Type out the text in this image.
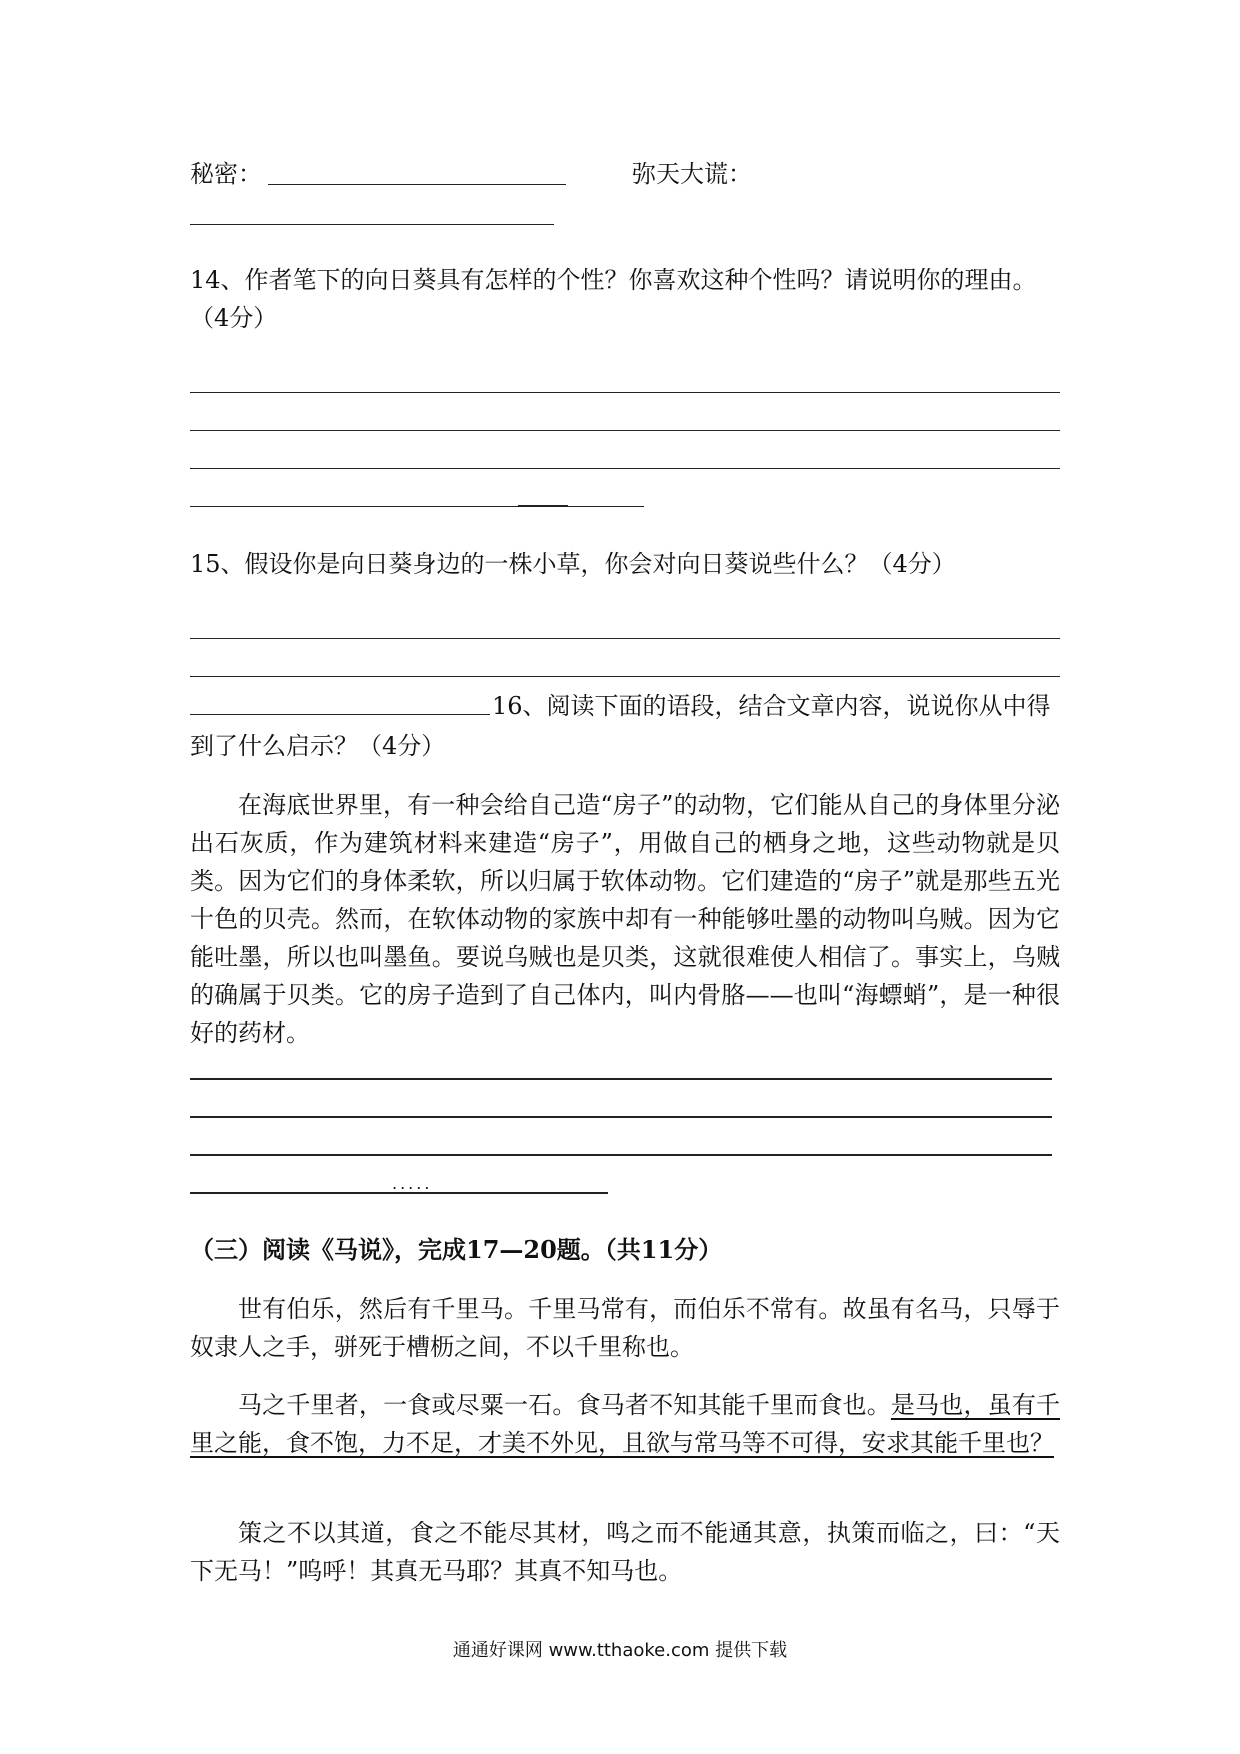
秘密：	弥天大谎：
14、作者笔下的向日葵具有怎样的个性？你喜欢这种个性吗？请说明你的理由。
（4分）
15、假设你是向日葵身边的一株小草，你会对向日葵说些什么？（4分）
16、阅读下面的语段，结合文章内容，说说你从中得
到了什么启示？（4分）
在海底世界里，有一种会给自己造“房子”的动物，它们能从自己的身体里分泌出石灰质，作为建筑材料来建造“房子”，用做自己的栖身之地，这些动物就是贝类。因为它们的身体柔软，所以归属于软体动物。它们建造的“房子”就是那些五光十色的贝壳。然而，在软体动物的家族中却有一种能够吐墨的动物叫乌贼。因为它能吐墨，所以也叫墨鱼。要说乌贼也是贝类，这就很难使人相信了。事实上，乌贼的确属于贝类。它的房子造到了自己体内，叫内骨胳——也叫“海螵蛸”，是一种很好的药材。
.....
（三）阅读《马说》，完成17—20题。（共11分）
世有伯乐，然后有千里马。千里马常有，而伯乐不常有。故虽有名马，只辱于奴隶人之手，骈死于槽枥之间，不以千里称也。
马之千里者，一食或尽粟一石。食马者不知其能千里而食也。是马也，虽有千里之能，食不饱，力不足，才美不外见，且欲与常马等不可得，安求其能千里也？
策之不以其道，食之不能尽其材，鸣之而不能通其意，执策而临之，曰：“天下无马！”呜呼！其真无马耶？其真不知马也。
通通好课网 www.tthaoke.com 提供下载
